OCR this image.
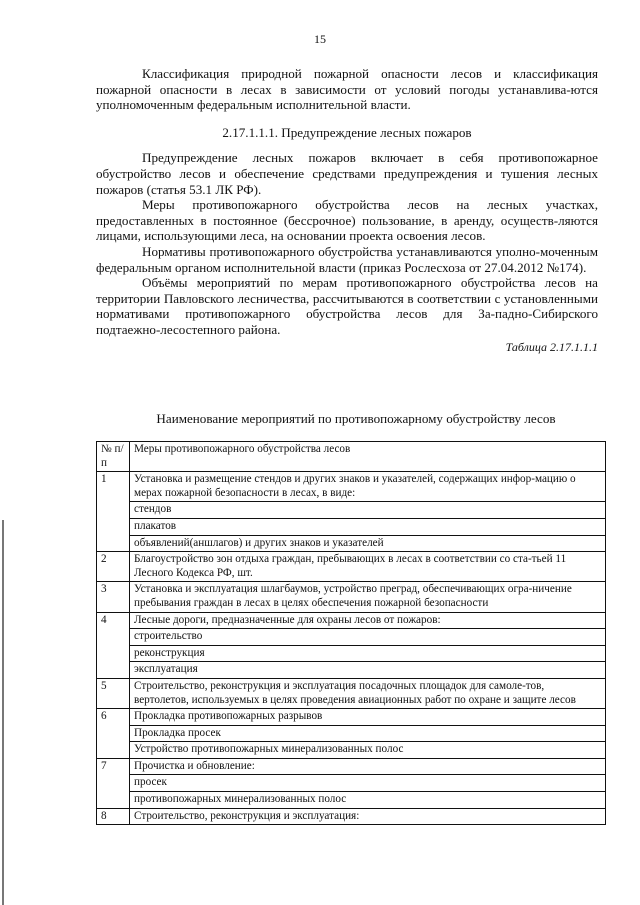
15

Классификация природной пожарной опасности лесов и классификация пожарной опасности в лесах в зависимости от условий погоды устанавлива-ются уполномоченным федеральным исполнительной власти.

2.17.1.1.1. Предупреждение лесных пожаров

Предупреждение лесных пожаров включает в себя противопожарное обустройство лесов и обеспечение средствами предупреждения и тушения лесных пожаров (статья 53.1 ЛК РФ).

Меры противопожарного обустройства лесов на лесных участках, предоставленных в постоянное (бессрочное) пользование, в аренду, осуществ-ляются лицами, использующими леса, на основании проекта освоения лесов.

Нормативы противопожарного обустройства устанавливаются уполно-моченным федеральным органом исполнительной власти (приказ Рослесхоза от 27.04.2012 №174).

Объёмы мероприятий по мерам противопожарного обустройства лесов на территории Павловского лесничества, рассчитываются в соответствии с установленными нормативами противопожарного обустройства лесов для За-падно-Сибирского подтаежно-лесостепного района.

Таблица 2.17.1.1.1
Наименование мероприятий по противопожарному обустройству лесов
№ п/п	Меры противопожарного обустройства лесов
1	Установка и размещение стендов и других знаков и указателей, содержащих инфор-мацию о мерах пожарной безопасности в лесах, в виде:
	стендов
	плакатов
	объявлений(аншлагов) и других знаков и указателей
2	Благоустройство зон отдыха граждан, пребывающих в лесах в соответствии со ста-тьей 11 Лесного Кодекса РФ, шт.
3	Установка и эксплуатация шлагбаумов, устройство преград, обеспечивающих огра-ничение пребывания граждан в лесах в целях обеспечения пожарной безопасности
4	Лесные дороги, предназначенные для охраны лесов от пожаров:
	строительство
	реконструкция
	эксплуатация
5	Строительство, реконструкция и эксплуатация посадочных площадок для самоле-тов, вертолетов, используемых в целях проведения авиационных работ по охране и защите лесов
6	Прокладка противопожарных разрывов
	Прокладка просек
	Устройство противопожарных минерализованных полос
7	Прочистка и обновление:
	просек
	противопожарных минерализованных полос
8	Строительство, реконструкция и эксплуатация:
